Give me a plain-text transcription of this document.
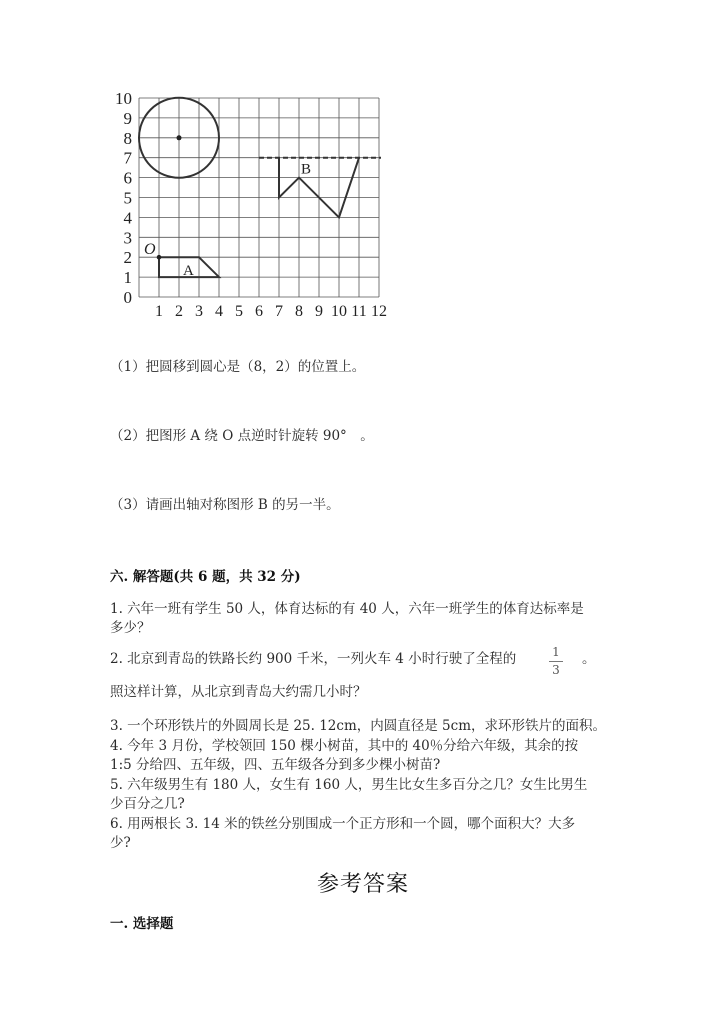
0
1
2
3
4
5
6
7
8
9
10
1 2 3 4 5 6 7 8 9 10 11 12
O
A
B
（1）把圆移到圆心是（8，2）的位置上。
（2）把图形 A 绕 O 点逆时针旋转 90°　。
（3）请画出轴对称图形 B 的另一半。
六. 解答题(共 6 题，共 32 分)
1. 六年一班有学生 50 人，体育达标的有 40 人，六年一班学生的体育达标率是
多少？
2. 北京到青岛的铁路长约 900 千米，一列火车 4 小时行驶了全程的	1
3
。
照这样计算，从北京到青岛大约需几小时？
3. 一个环形铁片的外圆周长是 25. 12cm，内圆直径是 5cm，求环形铁片的面积。
4. 今年 3 月份，学校领回 150 棵小树苗，其中的 40％分给六年级，其余的按
1:5 分给四、五年级，四、五年级各分到多少棵小树苗?
5. 六年级男生有 180 人，女生有 160 人，男生比女生多百分之几？女生比男生
少百分之几?
6. 用两根长 3. 14 米的铁丝分别围成一个正方形和一个圆，哪个面积大？大多
少?
参考答案
一. 选择题
